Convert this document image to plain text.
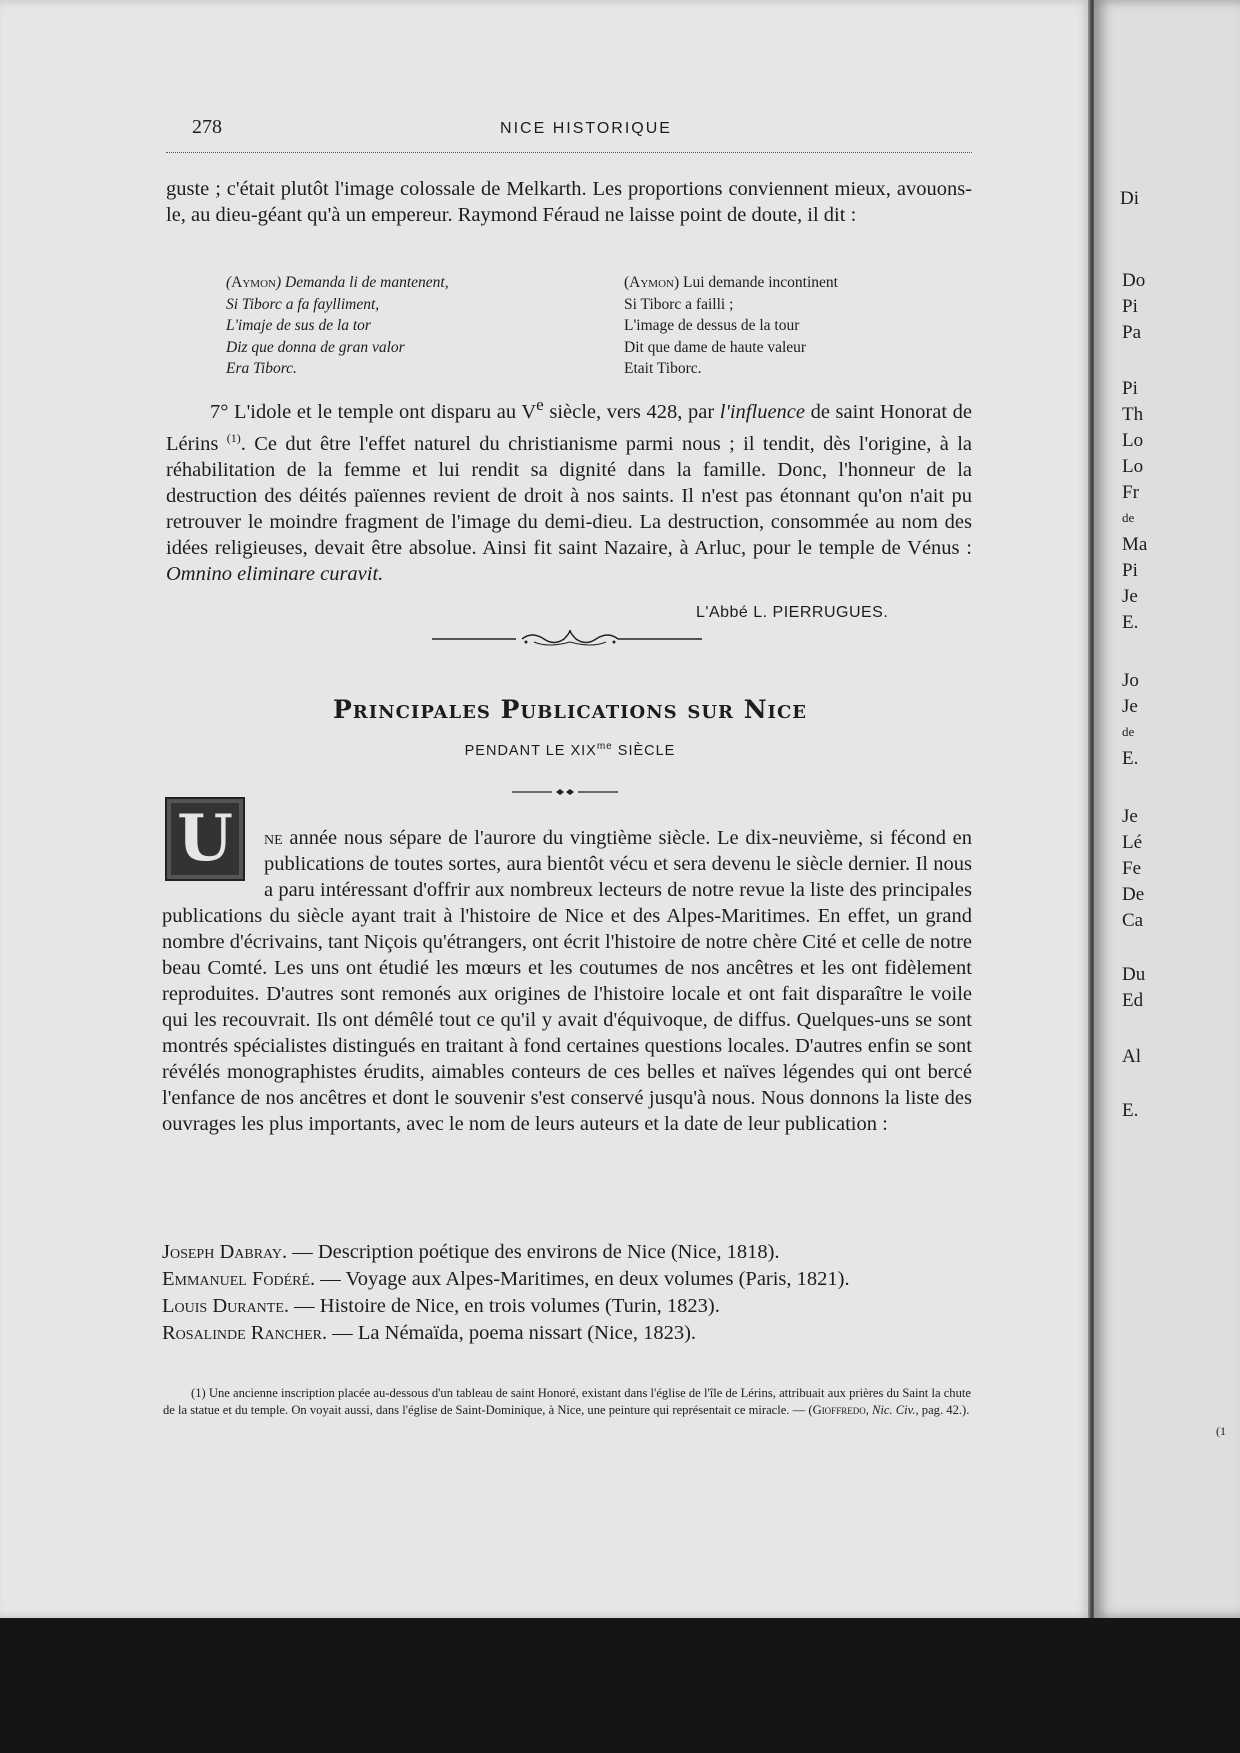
278	NICE HISTORIQUE

guste ; c'était plutôt l'image colossale de Melkarth. Les proportions conviennent mieux, avouons-le, au dieu-géant qu'à un empereur. Raymond Féraud ne laisse point de doute, il dit :

(Aymon) Demanda li de mantenent,
Si Tiborc a fa faylliment,
L'imaje de sus de la tor
Diz que donna de gran valor
Era Tiborc.
(Aymon) Lui demande incontinent
Si Tiborc a failli ;
L'image de dessus de la tour
Dit que dame de haute valeur
Etait Tiborc.

7° L'idole et le temple ont disparu au Ve siècle, vers 428, par l'influence de saint Honorat de Lérins $^{(1)}$. Ce dut être l'effet naturel du christianisme parmi nous ; il tendit, dès l'origine, à la réhabilitation de la femme et lui rendit sa dignité dans la famille. Donc, l'honneur de la destruction des déités païennes revient de droit à nos saints. Il n'est pas étonnant qu'on n'ait pu retrouver le moindre fragment de l'image du demi-dieu. La destruction, consommée au nom des idées religieuses, devait être absolue. Ainsi fit saint Nazaire, à Arluc, pour le temple de Vénus : Omnino eliminare curavit.

L'Abbé L. PIERRUGUES.
Principales Publications sur Nice
PENDANT LE $XIX^{me}$ SIÈCLE
U	ne année nous sépare de l'aurore du vingtième siècle. Le dix-neuvième, si fécond en publications de toutes sortes, aura bientôt vécu et sera devenu le siècle dernier. Il nous a paru intéressant d'offrir aux nombreux lecteurs de notre revue la liste des principales publications du siècle ayant trait à l'histoire de Nice et des Alpes-Maritimes. En effet, un grand nombre d'écrivains, tant Niçois qu'étrangers, ont écrit l'histoire de notre chère Cité et celle de notre beau Comté. Les uns ont étudié les mœurs et les coutumes de nos ancêtres et les ont fidèlement reproduites. D'autres sont remonés aux origines de l'histoire locale et ont fait disparaître le voile qui les recouvrait. Ils ont démêlé tout ce qu'il y avait d'équivoque, de diffus. Quelques-uns se sont montrés spécialistes distingués en traitant à fond certaines questions locales. D'autres enfin se sont révélés monographistes érudits, aimables conteurs de ces belles et naïves légendes qui ont bercé l'enfance de nos ancêtres et dont le souvenir s'est conservé jusqu'à nous. Nous donnons la liste des ouvrages les plus importants, avec le nom de leurs auteurs et la date de leur publication :

Joseph Dabray. — Description poétique des environs de Nice (Nice, 1818).
Emmanuel Fodéré. — Voyage aux Alpes-Maritimes, en deux volumes (Paris, 1821).
Louis Durante. — Histoire de Nice, en trois volumes (Turin, 1823).
Rosalinde Rancher. — La Némaïda, poema nissart (Nice, 1823).

(1) Une ancienne inscription placée au-dessous d'un tableau de saint Honoré, existant dans l'église de l'île de Lérins, attribuait aux prières du Saint la chute de la statue et du temple. On voyait aussi, dans l'église de Saint-Dominique, à Nice, une peinture qui représentait ce miracle. — (Gioffredo, Nic. Civ., pag. 42.).

Di
Do
Pi
Pa
Pi
Th
Lo
Lo
Fr
de
Ma
Pi
Je
E.
Jo
Je
de
E.
Je
Lé
Fe
De
Ca
Du
Ed
Al
E.
(1
